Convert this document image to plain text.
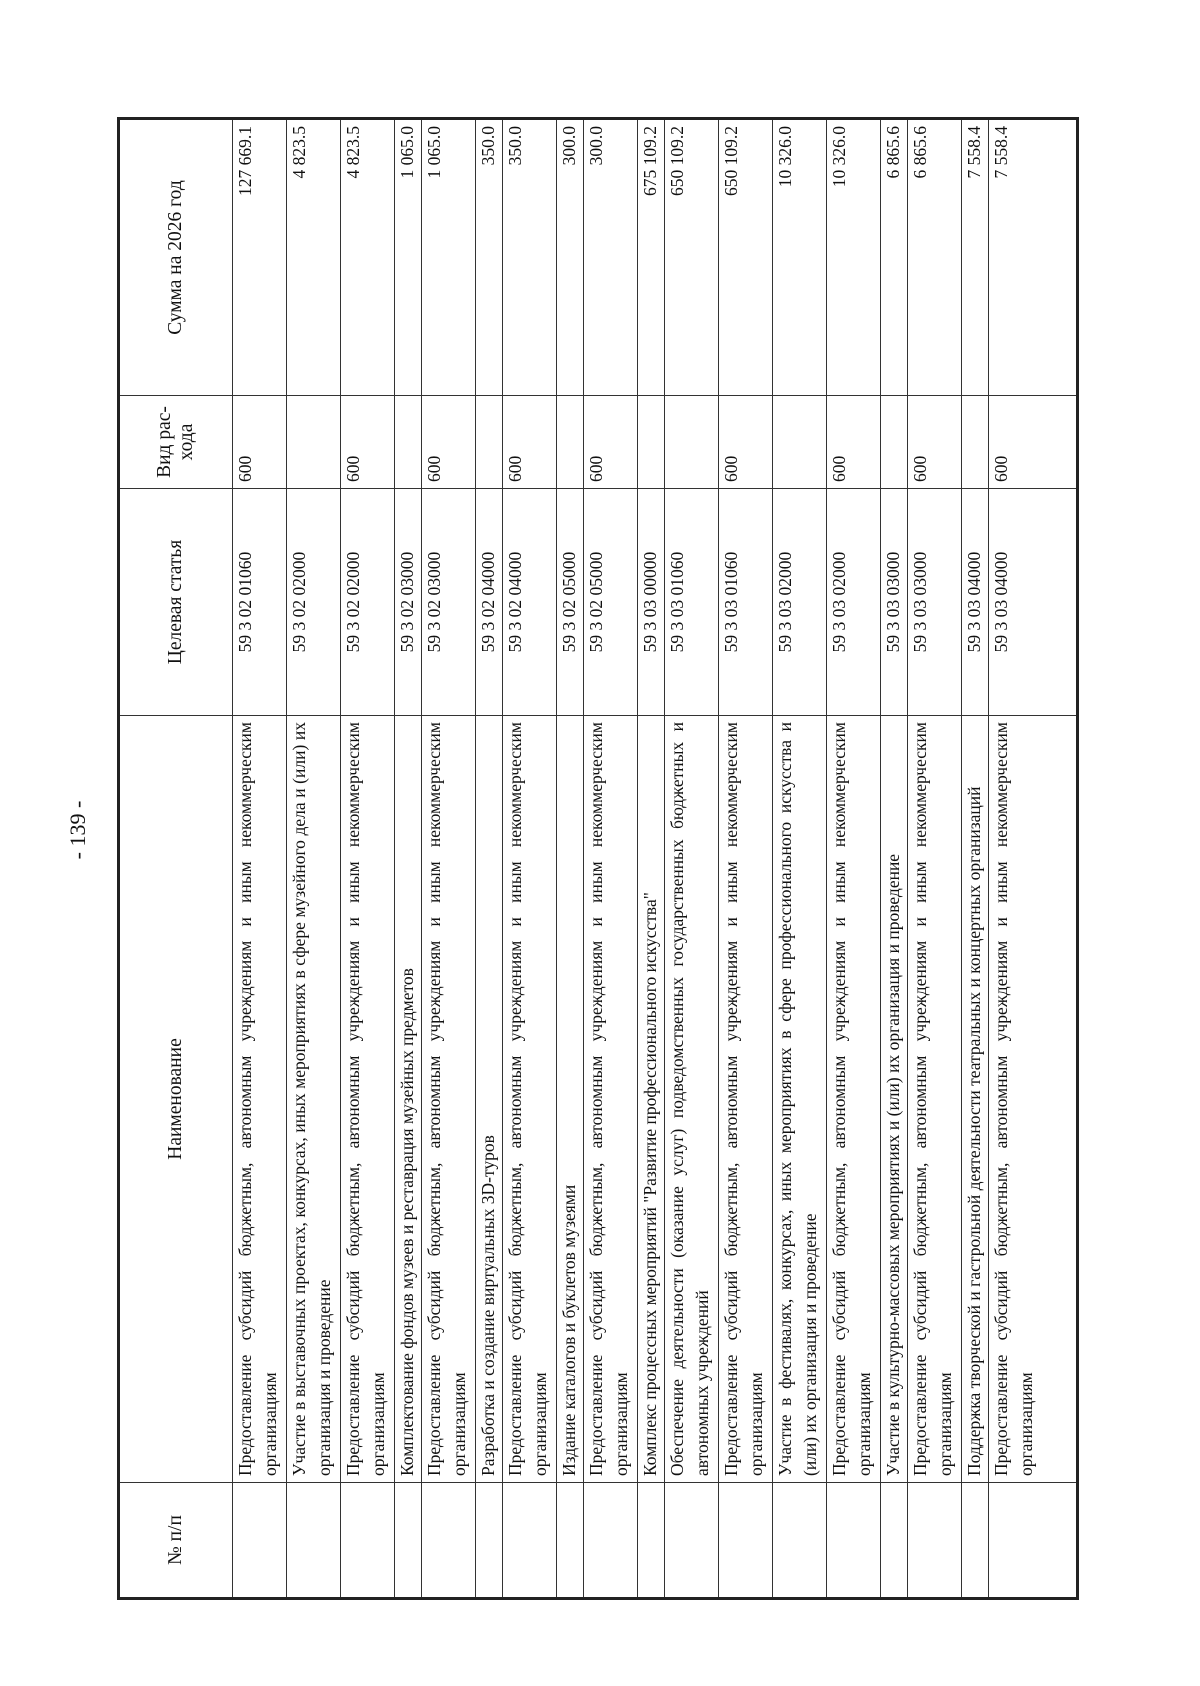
- 139 -
№ п/п	Наименование	Целевая статья	Вид рас-хода	Сумма на 2026 год
	Предоставление субсидий бюджетным, автономным учреждениям и иным некоммерческим организациям	59 3 02 01060	600	127 669.1
	Участие в выставочных проектах, конкурсах, иных мероприятиях в сфере музейного дела и (или) их организация и проведение	59 3 02 02000		4 823.5
	Предоставление субсидий бюджетным, автономным учреждениям и иным некоммерческим организациям	59 3 02 02000	600	4 823.5
	Комплектование фондов музеев и реставрация музейных предметов	59 3 02 03000		1 065.0
	Предоставление субсидий бюджетным, автономным учреждениям и иным некоммерческим организациям	59 3 02 03000	600	1 065.0
	Разработка и создание виртуальных 3D-туров	59 3 02 04000		350.0
	Предоставление субсидий бюджетным, автономным учреждениям и иным некоммерческим организациям	59 3 02 04000	600	350.0
	Издание каталогов и буклетов музеями	59 3 02 05000		300.0
	Предоставление субсидий бюджетным, автономным учреждениям и иным некоммерческим организациям	59 3 02 05000	600	300.0
	Комплекс процессных мероприятий "Развитие профессионального искусства"	59 3 03 00000		675 109.2
	Обеспечение деятельности (оказание услуг) подведомственных государственных бюджетных и автономных учреждений	59 3 03 01060		650 109.2
	Предоставление субсидий бюджетным, автономным учреждениям и иным некоммерческим организациям	59 3 03 01060	600	650 109.2
	Участие в фестивалях, конкурсах, иных мероприятиях в сфере профессионального искусства и (или) их организация и проведение	59 3 03 02000		10 326.0
	Предоставление субсидий бюджетным, автономным учреждениям и иным некоммерческим организациям	59 3 03 02000	600	10 326.0
	Участие в культурно-массовых мероприятиях и (или) их организация и проведение	59 3 03 03000		6 865.6
	Предоставление субсидий бюджетным, автономным учреждениям и иным некоммерческим организациям	59 3 03 03000	600	6 865.6
	Поддержка творческой и гастрольной деятельности театральных и концертных организаций	59 3 03 04000		7 558.4
	Предоставление субсидий бюджетным, автономным учреждениям и иным некоммерческим организациям	59 3 03 04000	600	7 558.4
